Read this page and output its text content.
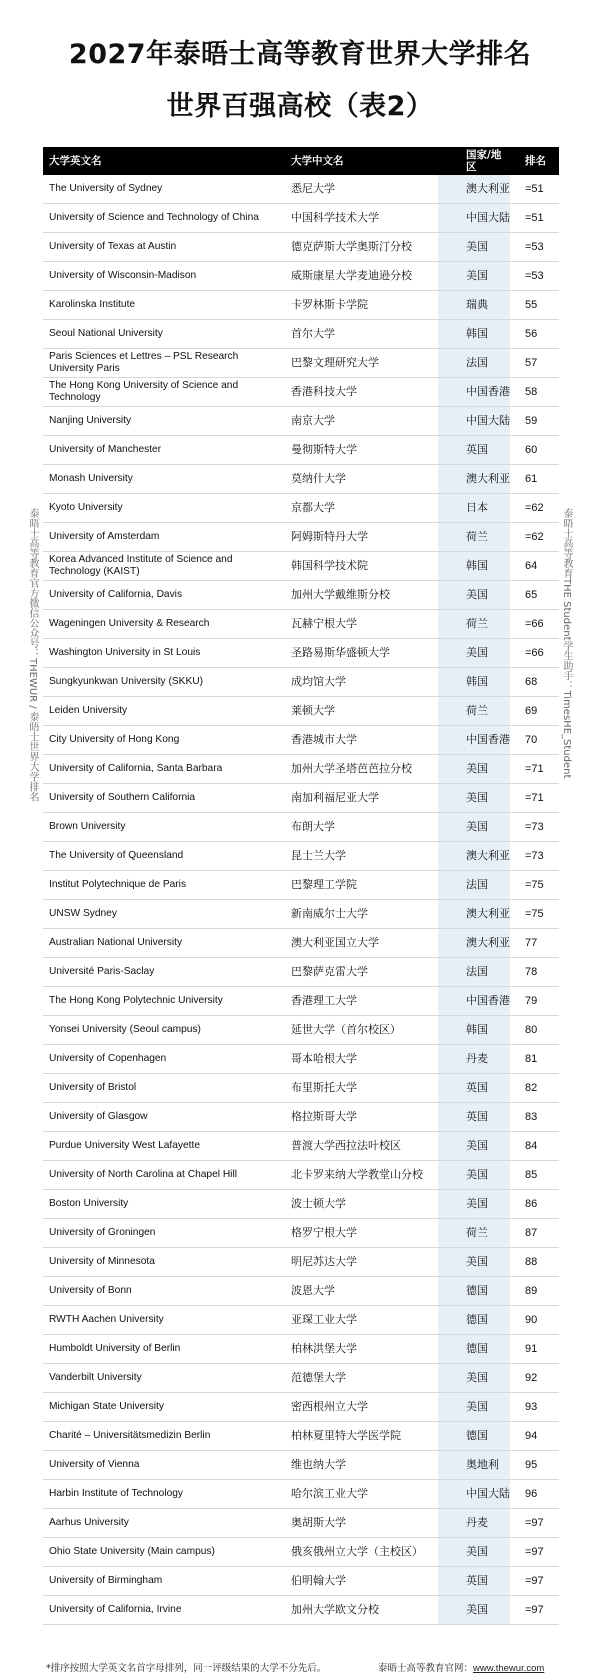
2027年泰晤士高等教育世界大学排名
世界百强高校（表2）
泰晤士高等教育官方微信公众号：THEWUR / 泰晤士世界大学排名	泰晤士高等教育THE Student学生助手：TimesHE_Student
大学英文名	大学中文名	国家/地区	排名
The University of Sydney	悉尼大学	澳大利亚	=51
University of Science and Technology of China	中国科学技术大学	中国大陆	=51
University of Texas at Austin	德克萨斯大学奥斯汀分校	美国	=53
University of Wisconsin-Madison	威斯康星大学麦迪逊分校	美国	=53
Karolinska Institute	卡罗林斯卡学院	瑞典	55
Seoul National University	首尔大学	韩国	56
Paris Sciences et Lettres – PSL Research University Paris	巴黎文理研究大学	法国	57
The Hong Kong University of Science and Technology	香港科技大学	中国香港	58
Nanjing University	南京大学	中国大陆	59
University of Manchester	曼彻斯特大学	英国	60
Monash University	莫纳什大学	澳大利亚	61
Kyoto University	京都大学	日本	=62
University of Amsterdam	阿姆斯特丹大学	荷兰	=62
Korea Advanced Institute of Science and Technology (KAIST)	韩国科学技术院	韩国	64
University of California, Davis	加州大学戴维斯分校	美国	65
Wageningen University & Research	瓦赫宁根大学	荷兰	=66
Washington University in St Louis	圣路易斯华盛顿大学	美国	=66
Sungkyunkwan University (SKKU)	成均馆大学	韩国	68
Leiden University	莱顿大学	荷兰	69
City University of Hong Kong	香港城市大学	中国香港	70
University of California, Santa Barbara	加州大学圣塔芭芭拉分校	美国	=71
University of Southern California	南加利福尼亚大学	美国	=71
Brown University	布朗大学	美国	=73
The University of Queensland	昆士兰大学	澳大利亚	=73
Institut Polytechnique de Paris	巴黎理工学院	法国	=75
UNSW Sydney	新南威尔士大学	澳大利亚	=75
Australian National University	澳大利亚国立大学	澳大利亚	77
Université Paris-Saclay	巴黎萨克雷大学	法国	78
The Hong Kong Polytechnic University	香港理工大学	中国香港	79
Yonsei University (Seoul campus)	延世大学（首尔校区）	韩国	80
University of Copenhagen	哥本哈根大学	丹麦	81
University of Bristol	布里斯托大学	英国	82
University of Glasgow	格拉斯哥大学	英国	83
Purdue University West Lafayette	普渡大学西拉法叶校区	美国	84
University of North Carolina at Chapel Hill	北卡罗来纳大学教堂山分校	美国	85
Boston University	波士顿大学	美国	86
University of Groningen	格罗宁根大学	荷兰	87
University of Minnesota	明尼苏达大学	美国	88
University of Bonn	波恩大学	德国	89
RWTH Aachen University	亚琛工业大学	德国	90
Humboldt University of Berlin	柏林洪堡大学	德国	91
Vanderbilt University	范德堡大学	美国	92
Michigan State University	密西根州立大学	美国	93
Charité – Universitätsmedizin Berlin	柏林夏里特大学医学院	德国	94
University of Vienna	维也纳大学	奥地利	95
Harbin Institute of Technology	哈尔滨工业大学	中国大陆	96
Aarhus University	奥胡斯大学	丹麦	=97
Ohio State University (Main campus)	俄亥俄州立大学（主校区）	美国	=97
University of Birmingham	伯明翰大学	英国	=97
University of California, Irvine	加州大学欧文分校	美国	=97
*排序按照大学英文名首字母排列，同一评级结果的大学不分先后。	泰晤士高等教育官网：www.thewur.com
